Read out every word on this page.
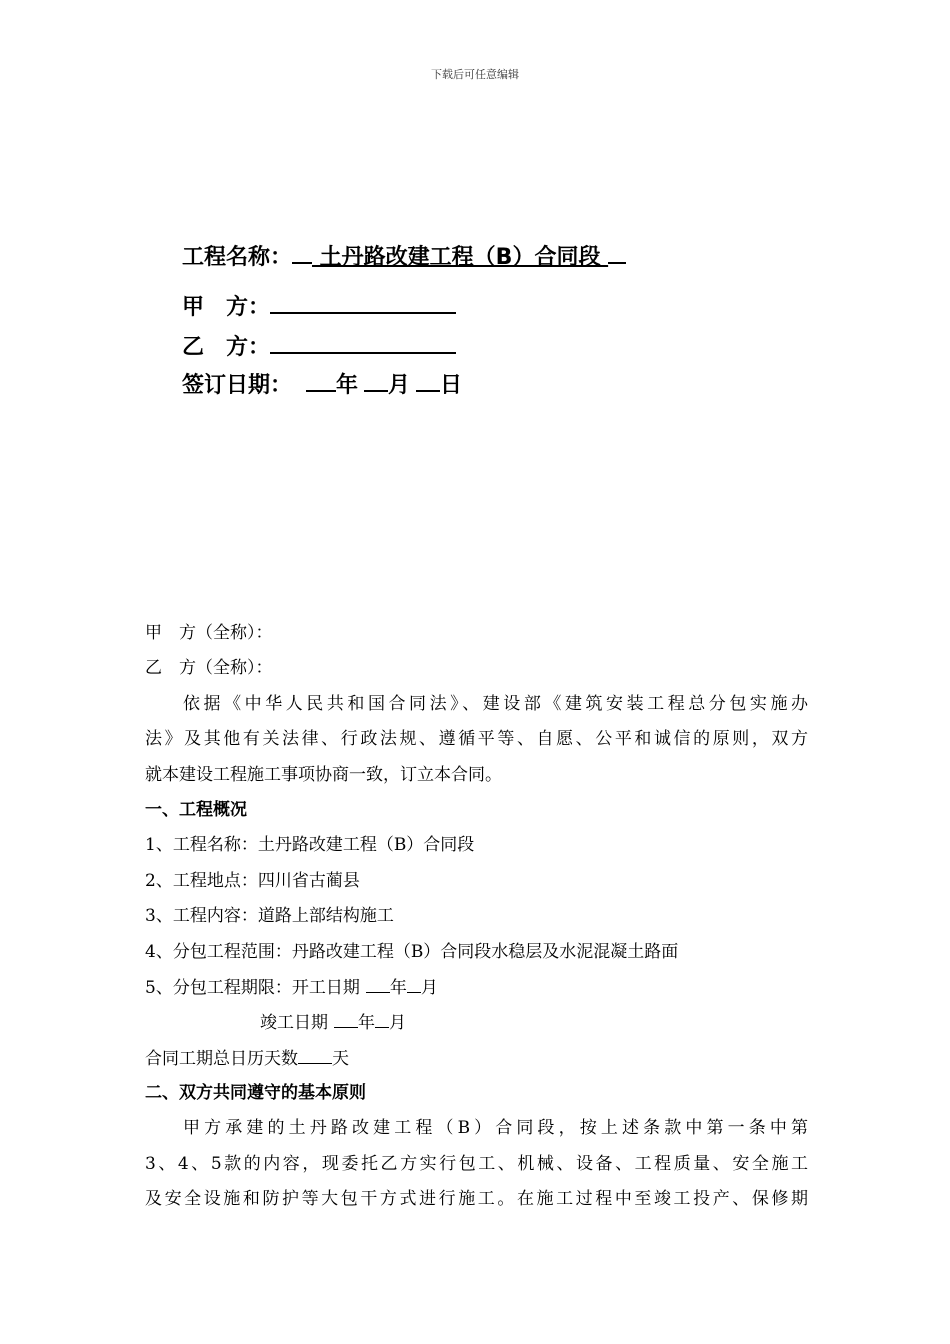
下载后可任意编辑
工程名称： 土丹路改建工程（B）合同段
甲　方：
乙　方：
签订日期： 年 月 日
甲　方（全称）：
乙　方（全称）：
依据《中华人民共和国合同法》、建设部《建筑安装工程总分包实施办
法》及其他有关法律、行政法规、遵循平等、自愿、公平和诚信的原则，双方
就本建设工程施工事项协商一致，订立本合同。
一、工程概况
1、工程名称：土丹路改建工程（B）合同段
2、工程地点：四川省古蔺县
3、工程内容：道路上部结构施工
4、分包工程范围：丹路改建工程（B）合同段水稳层及水泥混凝土路面
5、分包工程期限：开工日期 年 月
竣工日期 年 月
合同工期总日历天数 天
二、双方共同遵守的基本原则
甲方承建的土丹路改建工程（B）合同段，按上述条款中第一条中第
3、4、5款的内容，现委托乙方实行包工、机械、设备、工程质量、安全施工
及安全设施和防护等大包干方式进行施工。在施工过程中至竣工投产、保修期
